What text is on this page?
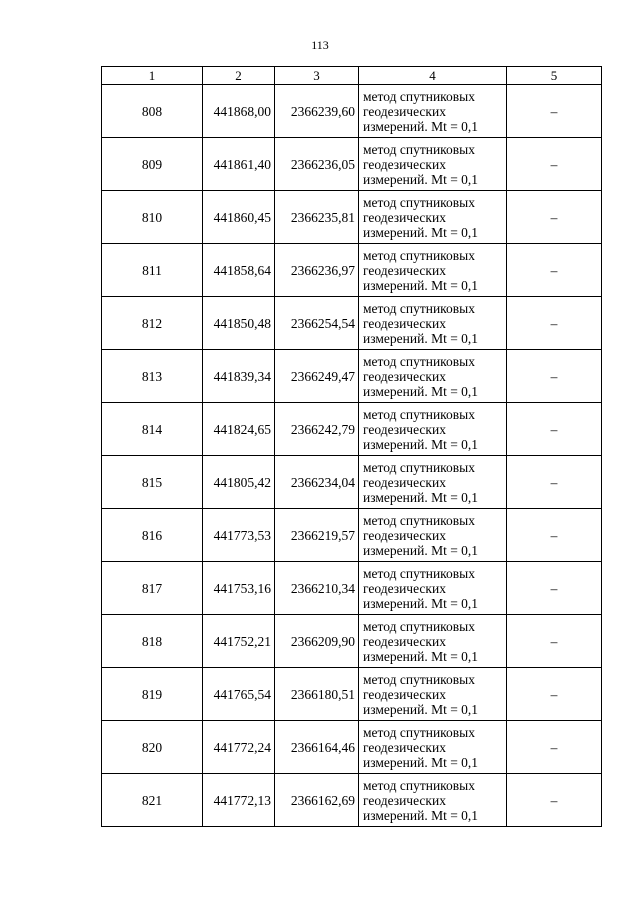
113
1	2	3	4	5
808	441868,00	2366239,60	метод спутниковых
геодезических
измерений. Mt = 0,1	–
809	441861,40	2366236,05	метод спутниковых
геодезических
измерений. Mt = 0,1	–
810	441860,45	2366235,81	метод спутниковых
геодезических
измерений. Mt = 0,1	–
811	441858,64	2366236,97	метод спутниковых
геодезических
измерений. Mt = 0,1	–
812	441850,48	2366254,54	метод спутниковых
геодезических
измерений. Mt = 0,1	–
813	441839,34	2366249,47	метод спутниковых
геодезических
измерений. Mt = 0,1	–
814	441824,65	2366242,79	метод спутниковых
геодезических
измерений. Mt = 0,1	–
815	441805,42	2366234,04	метод спутниковых
геодезических
измерений. Mt = 0,1	–
816	441773,53	2366219,57	метод спутниковых
геодезических
измерений. Mt = 0,1	–
817	441753,16	2366210,34	метод спутниковых
геодезических
измерений. Mt = 0,1	–
818	441752,21	2366209,90	метод спутниковых
геодезических
измерений. Mt = 0,1	–
819	441765,54	2366180,51	метод спутниковых
геодезических
измерений. Mt = 0,1	–
820	441772,24	2366164,46	метод спутниковых
геодезических
измерений. Mt = 0,1	–
821	441772,13	2366162,69	метод спутниковых
геодезических
измерений. Mt = 0,1	–
